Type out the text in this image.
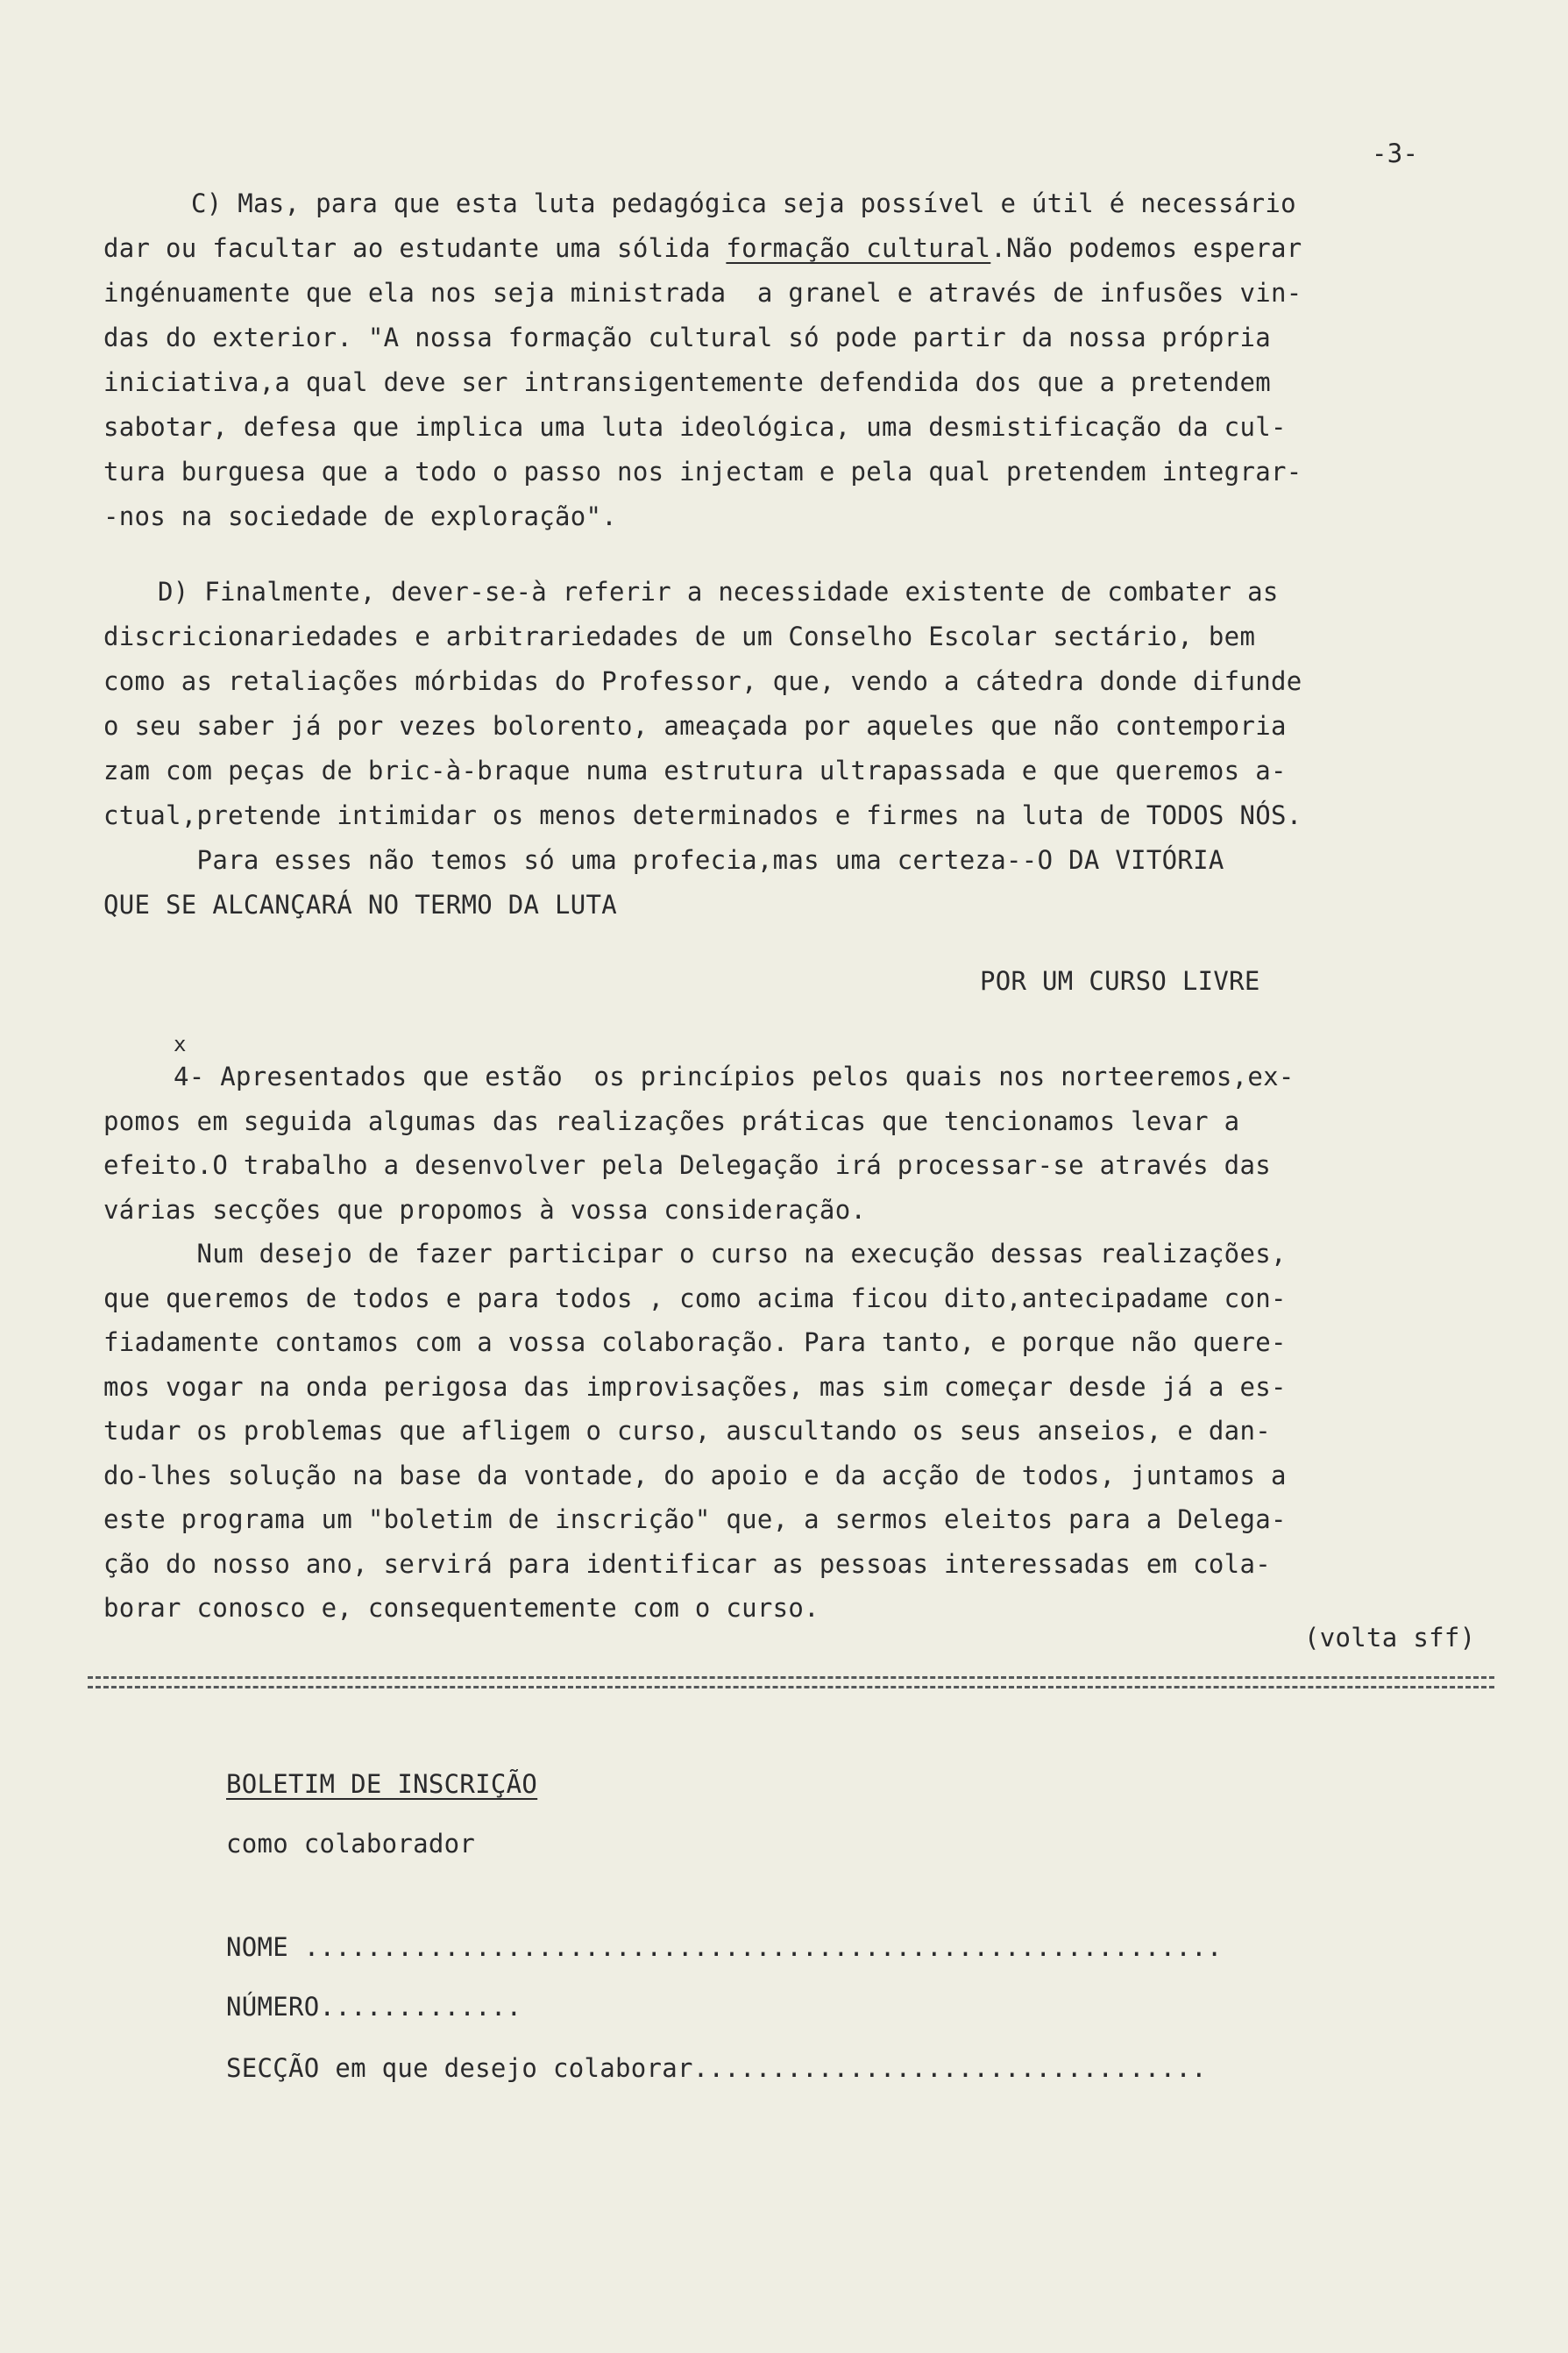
-3-
C) Mas, para que esta luta pedagógica seja possível e útil é necessário
dar ou facultar ao estudante uma sólida formação cultural.Não podemos esperar
ingénuamente que ela nos seja ministrada  a granel e através de infusões vin-
das do exterior. "A nossa formação cultural só pode partir da nossa própria
iniciativa,a qual deve ser intransigentemente defendida dos que a pretendem
sabotar, defesa que implica uma luta ideológica, uma desmistificação da cul-
tura burguesa que a todo o passo nos injectam e pela qual pretendem integrar-
-nos na sociedade de exploração".
D) Finalmente, dever-se-à referir a necessidade existente de combater as
discricionariedades e arbitrariedades de um Conselho Escolar sectário, bem
como as retaliações mórbidas do Professor, que, vendo a cátedra donde difunde
o seu saber já por vezes bolorento, ameaçada por aqueles que não contemporia
zam com peças de bric-à-braque numa estrutura ultrapassada e que queremos a-
ctual,pretende intimidar os menos determinados e firmes na luta de TODOS NÓS.
Para esses não temos só uma profecia,mas uma certeza--O DA VITÓRIA
QUE SE ALCANÇARÁ NO TERMO DA LUTA
POR UM CURSO LIVRE
x
4- Apresentados que estão  os princípios pelos quais nos norteeremos,ex-
pomos em seguida algumas das realizações práticas que tencionamos levar a
efeito.O trabalho a desenvolver pela Delegação irá processar-se através das
várias secções que propomos à vossa consideração.
Num desejo de fazer participar o curso na execução dessas realizações,
que queremos de todos e para todos , como acima ficou dito,antecipadame con-
fiadamente contamos com a vossa colaboração. Para tanto, e porque não quere-
mos vogar na onda perigosa das improvisações, mas sim começar desde já a es-
tudar os problemas que afligem o curso, auscultando os seus anseios, e dan-
do-lhes solução na base da vontade, do apoio e da acção de todos, juntamos a
este programa um "boletim de inscrição" que, a sermos eleitos para a Delega-
ção do nosso ano, servirá para identificar as pessoas interessadas em cola-
borar conosco e, consequentemente com o curso.
(volta sff)
BOLETIM DE INSCRIÇÃO
como colaborador
NOME ...........................................................
NÚMERO.............
SECÇÃO em que desejo colaborar.................................
